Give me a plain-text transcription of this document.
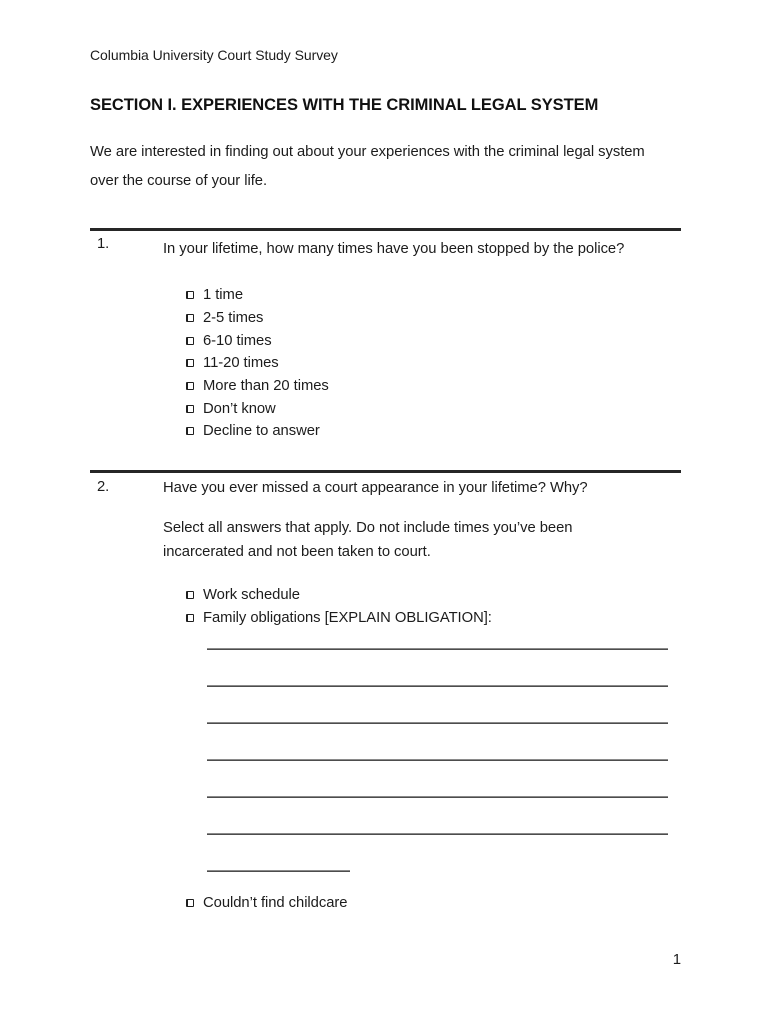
Columbia University Court Study Survey
SECTION I. EXPERIENCES WITH THE CRIMINAL LEGAL SYSTEM
We are interested in finding out about your experiences with the criminal legal system
over the course of your life.
1.	In your lifetime, how many times have you been stopped by the police?
1 time
2-5 times
6-10 times
11-20 times
More than 20 times
Don’t know
Decline to answer
2.	Have you ever missed a court appearance in your lifetime? Why?
Select all answers that apply. Do not include times you’ve been
incarcerated and not been taken to court.
Work schedule
Family obligations [EXPLAIN OBLIGATION]:
Couldn’t find childcare
1
